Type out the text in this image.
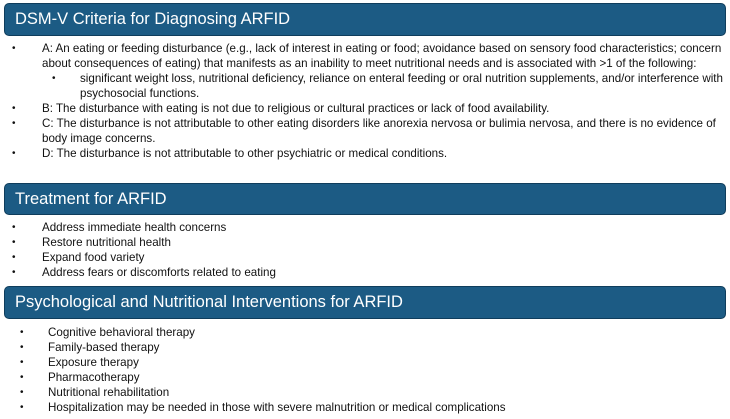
DSM-V Criteria for Diagnosing ARFID
• A: An eating or feeding disturbance (e.g., lack of interest in eating or food; avoidance based on sensory food characteristics; concern about consequences of eating) that manifests as an inability to meet nutritional needs and is associated with >1 of the following:
• significant weight loss, nutritional deficiency, reliance on enteral feeding or oral nutrition supplements, and/or interference with psychosocial functions.
• B: The disturbance with eating is not due to religious or cultural practices or lack of food availability.
• C: The disturbance is not attributable to other eating disorders like anorexia nervosa or bulimia nervosa, and there is no evidence of body image concerns.
• D: The disturbance is not attributable to other psychiatric or medical conditions.
Treatment for ARFID
• Address immediate health concerns
• Restore nutritional health
• Expand food variety
• Address fears or discomforts related to eating
Psychological and Nutritional Interventions for ARFID
• Cognitive behavioral therapy
• Family-based therapy
• Exposure therapy
• Pharmacotherapy
• Nutritional rehabilitation
• Hospitalization may be needed in those with severe malnutrition or medical complications
